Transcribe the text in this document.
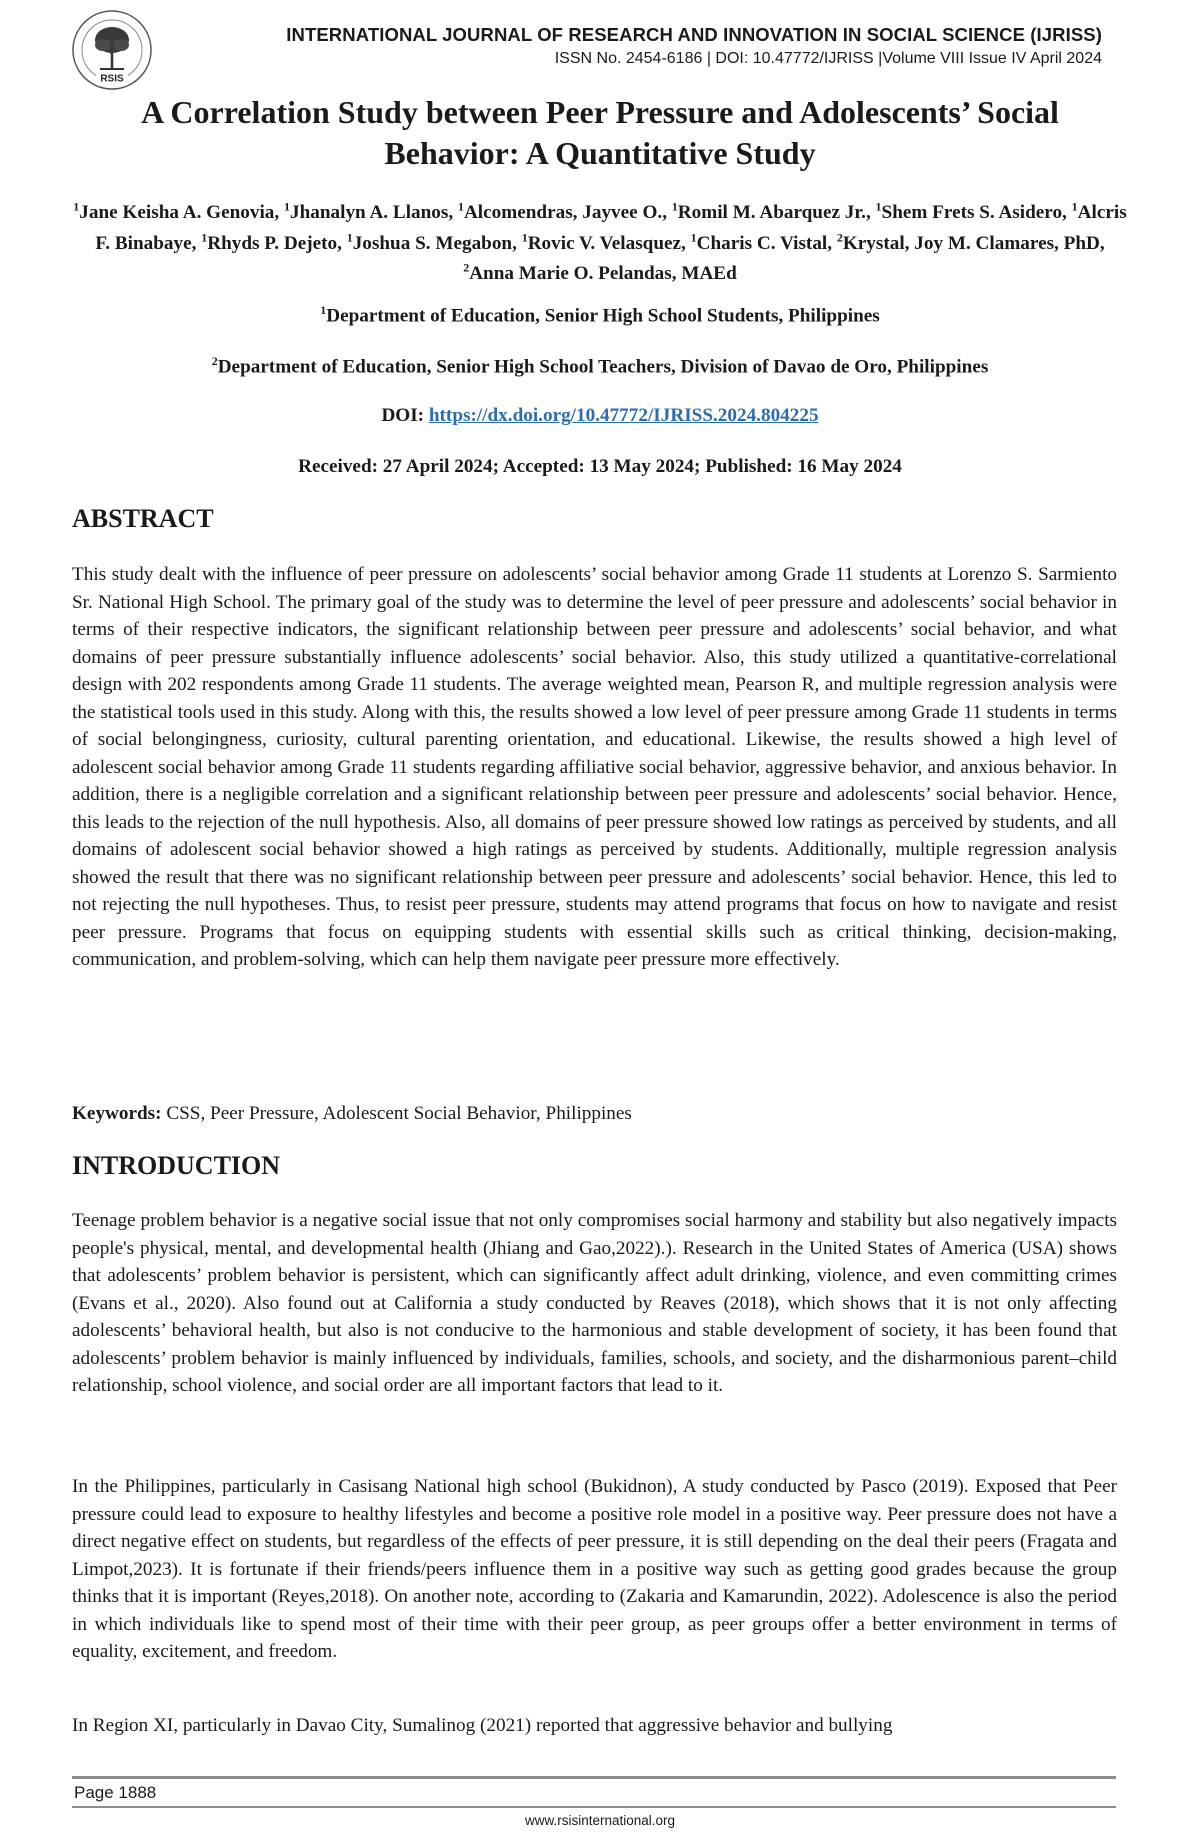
RSIS
INTERNATIONAL JOURNAL OF RESEARCH AND INNOVATION IN SOCIAL SCIENCE (IJRISS)
ISSN No. 2454-6186 | DOI: 10.47772/IJRISS |Volume VIII Issue IV April 2024
A Correlation Study between Peer Pressure and Adolescents’ Social
Behavior: A Quantitative Study

$^1$Jane Keisha A. Genovia, $^1$Jhanalyn A. Llanos, $^1$Alcomendras, Jayvee O., $^1$Romil M. Abarquez Jr., $^1$Shem Frets S. Asidero, $^1$Alcris F. Binabaye, $^1$Rhyds P. Dejeto, $^1$Joshua S. Megabon, $^1$Rovic V. Velasquez, $^1$Charis C. Vistal, $^2$Krystal, Joy M. Clamares, PhD, $^2$Anna Marie O. Pelandas, MAEd

$^1$Department of Education, Senior High School Students, Philippines

$^2$Department of Education, Senior High School Teachers, Division of Davao de Oro, Philippines

DOI: https://dx.doi.org/10.47772/IJRISS.2024.804225

Received: 27 April 2024; Accepted: 13 May 2024; Published: 16 May 2024

ABSTRACT

This study dealt with the influence of peer pressure on adolescents’ social behavior among Grade 11 students at Lorenzo S. Sarmiento Sr. National High School. The primary goal of the study was to determine the level of peer pressure and adolescents’ social behavior in terms of their respective indicators, the significant relationship between peer pressure and adolescents’ social behavior, and what domains of peer pressure substantially influence adolescents’ social behavior. Also, this study utilized a quantitative-correlational design with 202 respondents among Grade 11 students. The average weighted mean, Pearson R, and multiple regression analysis were the statistical tools used in this study. Along with this, the results showed a low level of peer pressure among Grade 11 students in terms of social belongingness, curiosity, cultural parenting orientation, and educational. Likewise, the results showed a high level of adolescent social behavior among Grade 11 students regarding affiliative social behavior, aggressive behavior, and anxious behavior. In addition, there is a negligible correlation and a significant relationship between peer pressure and adolescents’ social behavior. Hence, this leads to the rejection of the null hypothesis. Also, all domains of peer pressure showed low ratings as perceived by students, and all domains of adolescent social behavior showed a high ratings as perceived by students. Additionally, multiple regression analysis showed the result that there was no significant relationship between peer pressure and adolescents’ social behavior. Hence, this led to not rejecting the null hypotheses. Thus, to resist peer pressure, students may attend programs that focus on how to navigate and resist peer pressure. Programs that focus on equipping students with essential skills such as critical thinking, decision-making, communication, and problem-solving, which can help them navigate peer pressure more effectively.

Keywords: CSS, Peer Pressure, Adolescent Social Behavior, Philippines

INTRODUCTION

Teenage problem behavior is a negative social issue that not only compromises social harmony and stability but also negatively impacts people's physical, mental, and developmental health (Jhiang and Gao,2022).). Research in the United States of America (USA) shows that adolescents’ problem behavior is persistent, which can significantly affect adult drinking, violence, and even committing crimes (Evans et al., 2020). Also found out at California a study conducted by Reaves (2018), which shows that it is not only affecting adolescents’ behavioral health, but also is not conducive to the harmonious and stable development of society, it has been found that adolescents’ problem behavior is mainly influenced by individuals, families, schools, and society, and the disharmonious parent–child relationship, school violence, and social order are all important factors that lead to it.

In the Philippines, particularly in Casisang National high school (Bukidnon), A study conducted by Pasco (2019). Exposed that Peer pressure could lead to exposure to healthy lifestyles and become a positive role model in a positive way. Peer pressure does not have a direct negative effect on students, but regardless of the effects of peer pressure, it is still depending on the deal their peers (Fragata and Limpot,2023). It is fortunate if their friends/peers influence them in a positive way such as getting good grades because the group thinks that it is important (Reyes,2018). On another note, according to (Zakaria and Kamarundin, 2022). Adolescence is also the period in which individuals like to spend most of their time with their peer group, as peer groups offer a better environment in terms of equality, excitement, and freedom.

In Region XI, particularly in Davao City, Sumalinog (2021) reported that aggressive behavior and bullying

Page 1888
www.rsisinternational.org
